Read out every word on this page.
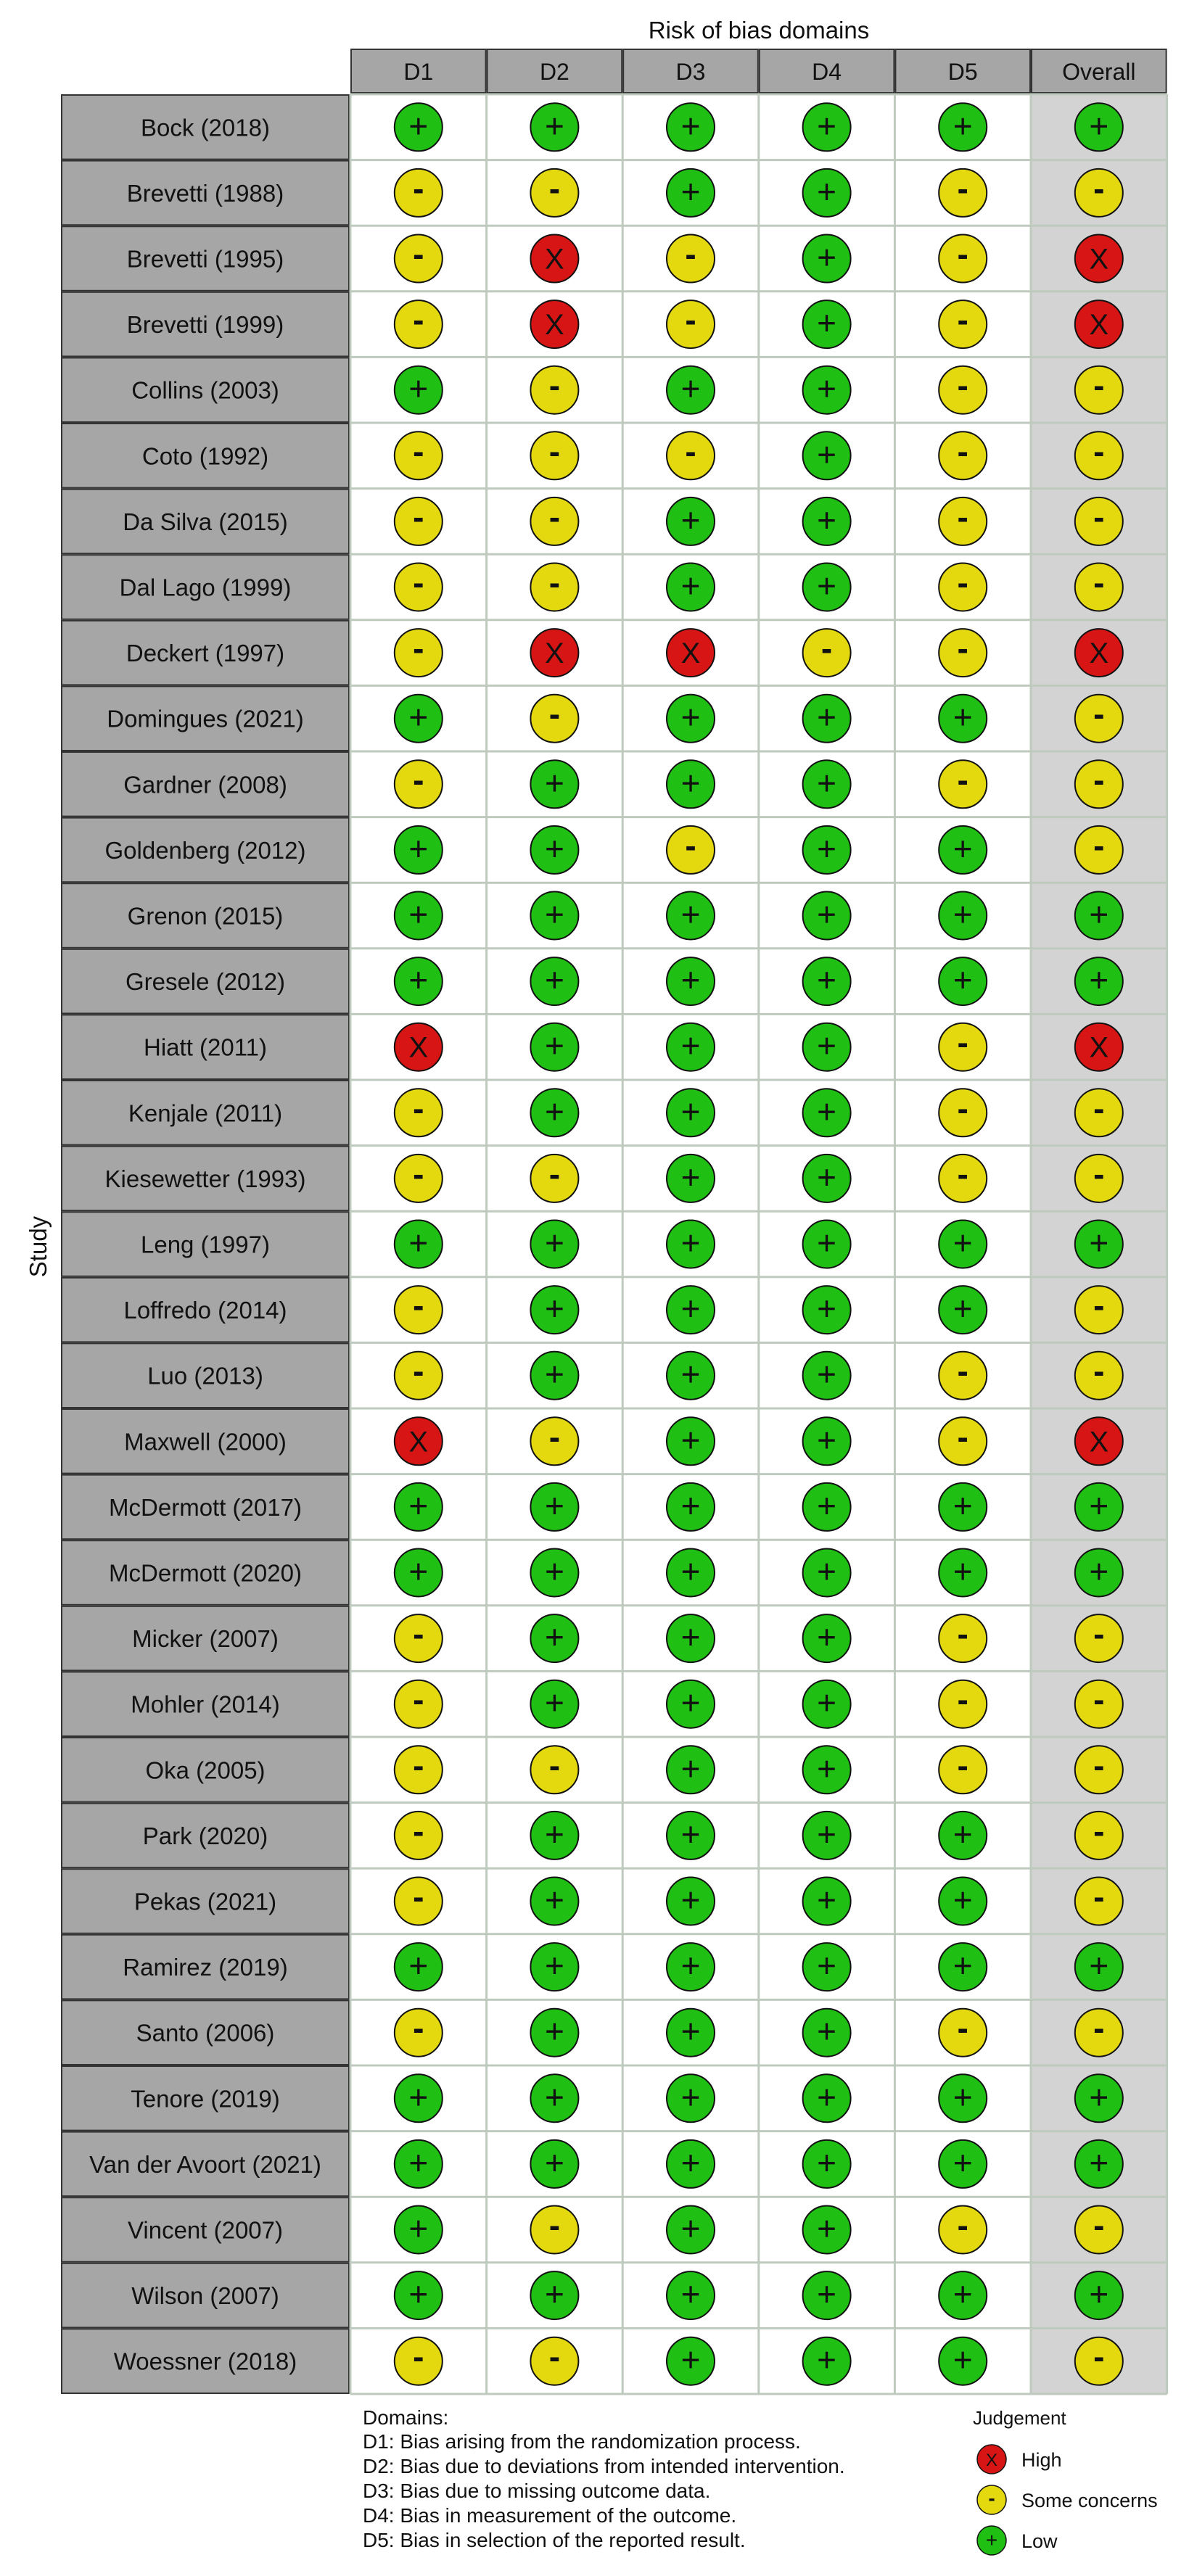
Risk of bias domains
Study
D1	D2	D3	D4	D5	Overall
Bock (2018)	+	+	+	+	+	+
Brevetti (1988)	-	-	+	+	-	-
Brevetti (1995)	-	X	-	+	-	X
Brevetti (1999)	-	X	-	+	-	X
Collins (2003)	+	-	+	+	-	-
Coto (1992)	-	-	-	+	-	-
Da Silva (2015)	-	-	+	+	-	-
Dal Lago (1999)	-	-	+	+	-	-
Deckert (1997)	-	X	X	-	-	X
Domingues (2021)	+	-	+	+	+	-
Gardner (2008)	-	+	+	+	-	-
Goldenberg (2012)	+	+	-	+	+	-
Grenon (2015)	+	+	+	+	+	+
Gresele (2012)	+	+	+	+	+	+
Hiatt (2011)	X	+	+	+	-	X
Kenjale (2011)	-	+	+	+	-	-
Kiesewetter (1993)	-	-	+	+	-	-
Leng (1997)	+	+	+	+	+	+
Loffredo (2014)	-	+	+	+	+	-
Luo (2013)	-	+	+	+	-	-
Maxwell (2000)	X	-	+	+	-	X
McDermott (2017)	+	+	+	+	+	+
McDermott (2020)	+	+	+	+	+	+
Micker (2007)	-	+	+	+	-	-
Mohler (2014)	-	+	+	+	-	-
Oka (2005)	-	-	+	+	-	-
Park (2020)	-	+	+	+	+	-
Pekas (2021)	-	+	+	+	+	-
Ramirez (2019)	+	+	+	+	+	+
Santo (2006)	-	+	+	+	-	-
Tenore (2019)	+	+	+	+	+	+
Van der Avoort (2021)	+	+	+	+	+	+
Vincent (2007)	+	-	+	+	-	-
Wilson (2007)	+	+	+	+	+	+
Woessner (2018)	-	-	+	+	+	-
Domains:
D1: Bias arising from the randomization process.
D2: Bias due to deviations from intended intervention.
D3: Bias due to missing outcome data.
D4: Bias in measurement of the outcome.
D5: Bias in selection of the reported result.
Judgement
X High
- Some concerns
+ Low
